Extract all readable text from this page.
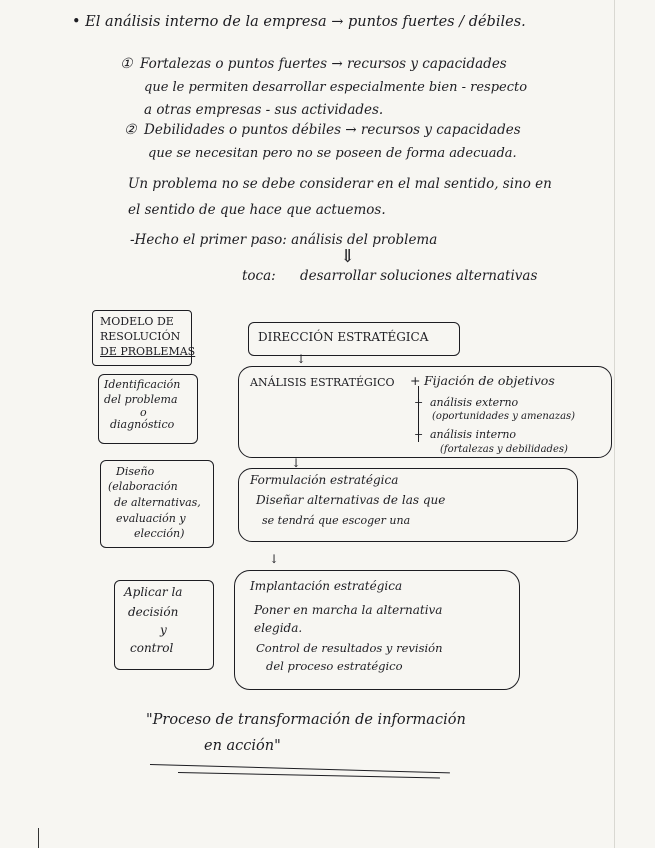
• El análisis interno de la empresa → puntos fuertes / débiles.
① Fortalezas o puntos fuertes → recursos y capacidades
que le permiten desarrollar especialmente bien - respecto
a otras empresas - sus actividades.
② Debilidades o puntos débiles → recursos y capacidades
que se necesitan pero no se poseen de forma adecuada.
Un problema no se debe considerar en el mal sentido, sino en
el sentido de que hace que actuemos.
-Hecho el primer paso: análisis del problema
⇓
toca: desarrollar soluciones alternativas
MODELO DE
RESOLUCIÓN
DE PROBLEMAS
DIRECCIÓN ESTRATÉGICA
↓
Identificación
del problema
o
diagnóstico
ANÁLISIS ESTRATÉGICO + Fijación de objetivos
+ análisis externo
(oportunidades y amenazas)
+ análisis interno
(fortalezas y debilidades)
↓
Diseño
(elaboración
de alternativas,
evaluación y
elección)
Formulación estratégica
Diseñar alternativas de las que
se tendrá que escoger una
↓
Aplicar la
decisión
y
control
Implantación estratégica
Poner en marcha la alternativa
elegida.
Control de resultados y revisión
del proceso estratégico
"Proceso de transformación de información
en acción"
